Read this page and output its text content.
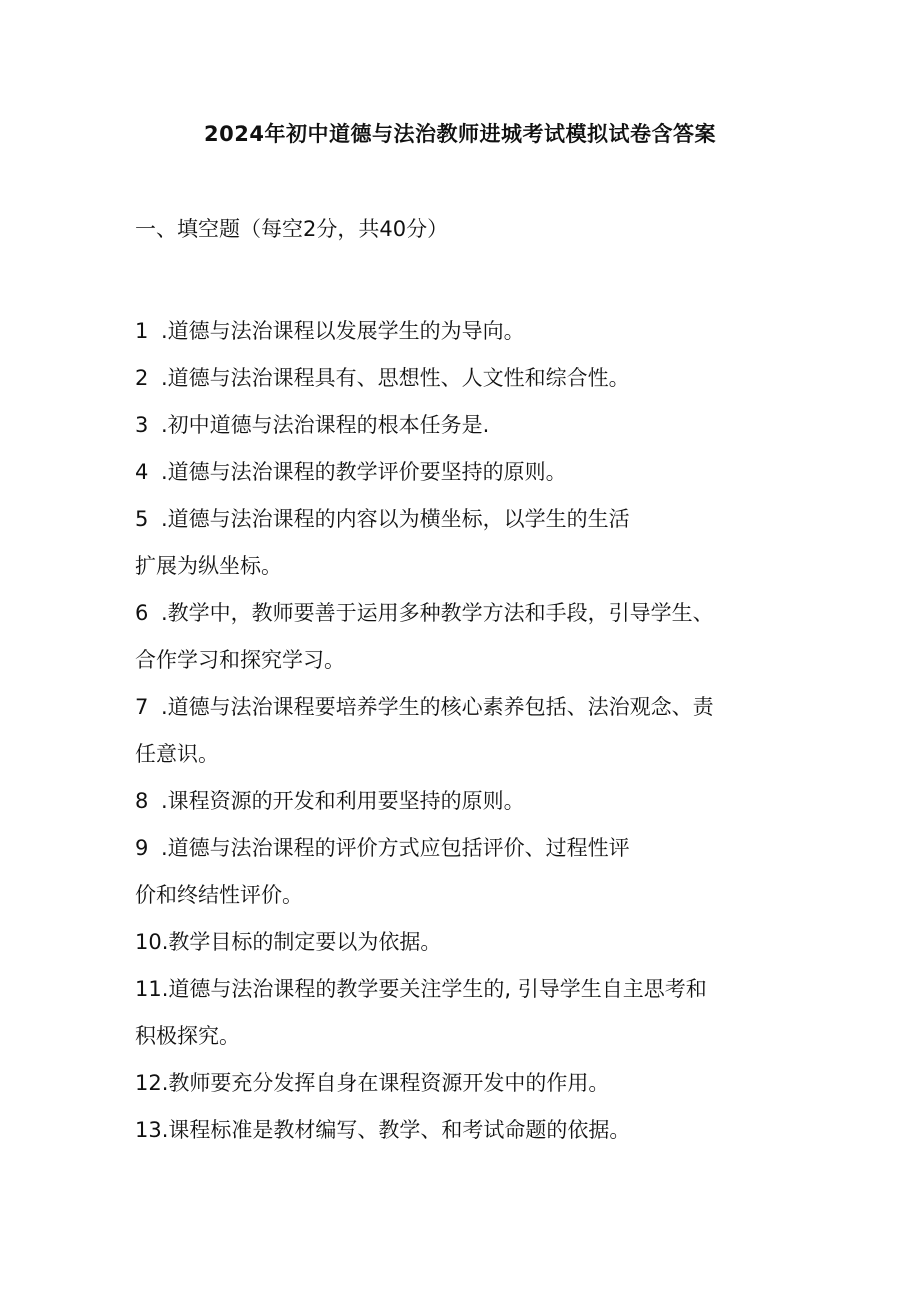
2024年初中道德与法治教师进城考试模拟试卷含答案
一、填空题（每空2分，共40分）
1 .道德与法治课程以发展学生的为导向。
2 .道德与法治课程具有、思想性、人文性和综合性。
3 .初中道德与法治课程的根本任务是.
4 .道德与法治课程的教学评价要坚持的原则。
5 .道德与法治课程的内容以为横坐标，以学生的生活
扩展为纵坐标。
6 .教学中，教师要善于运用多种教学方法和手段，引导学生、
合作学习和探究学习。
7 .道德与法治课程要培养学生的核心素养包括、法治观念、责
任意识。
8 .课程资源的开发和利用要坚持的原则。
9 .道德与法治课程的评价方式应包括评价、过程性评
价和终结性评价。
10.教学目标的制定要以为依据。
11.道德与法治课程的教学要关注学生的, 引导学生自主思考和
积极探究。
12.教师要充分发挥自身在课程资源开发中的作用。
13.课程标准是教材编写、教学、和考试命题的依据。
